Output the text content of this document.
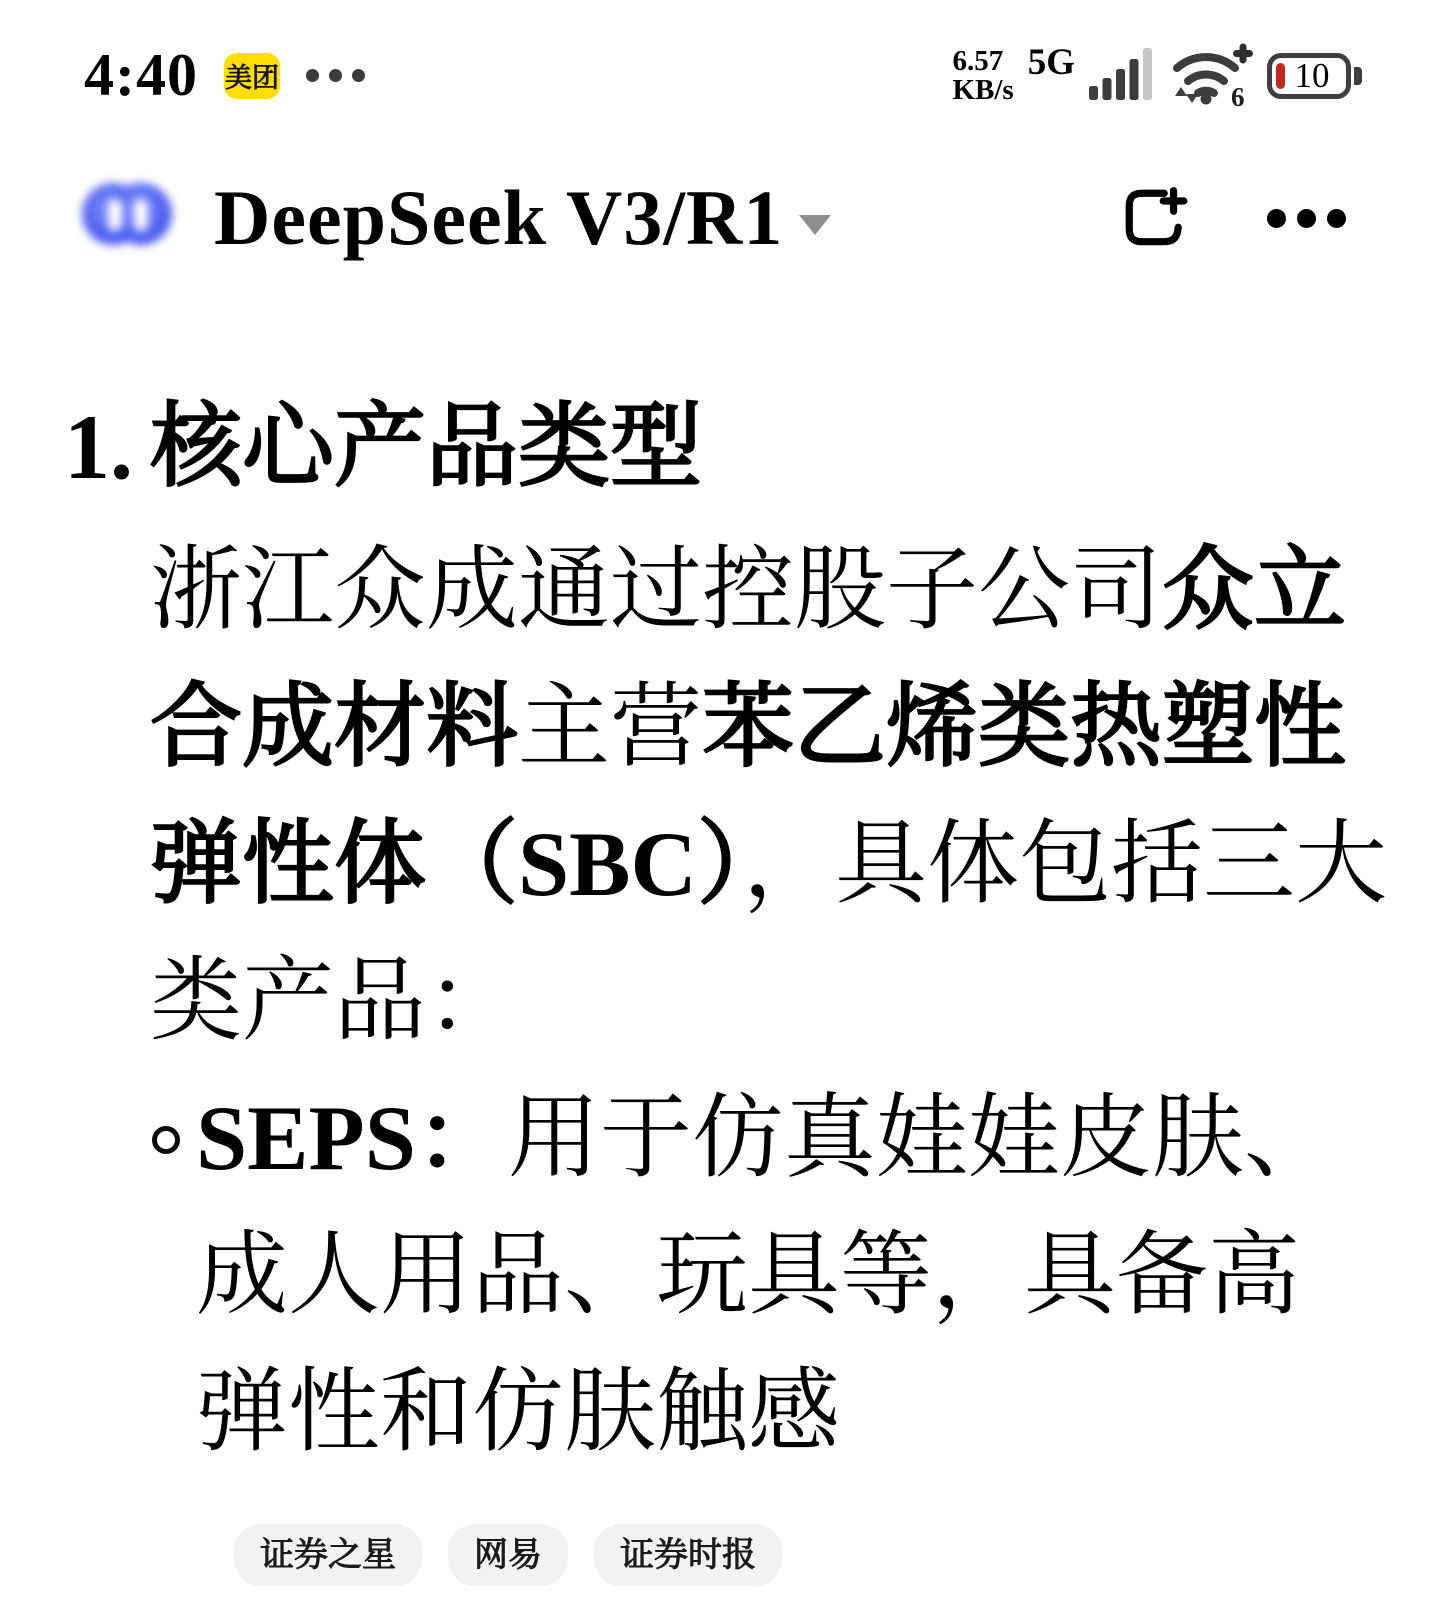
4:40 美团
6.57
KB/s
5G
6
10
DeepSeek V3/R1
1. 核心产品类型
浙江众成通过控股子公司众立合成材料主营苯乙烯类热塑性弹性体（SBC），具体包括三大类产品：
SEPS：用于仿真娃娃皮肤、成人用品、玩具等，具备高弹性和仿肤触感
证券之星	网易	证券时报
